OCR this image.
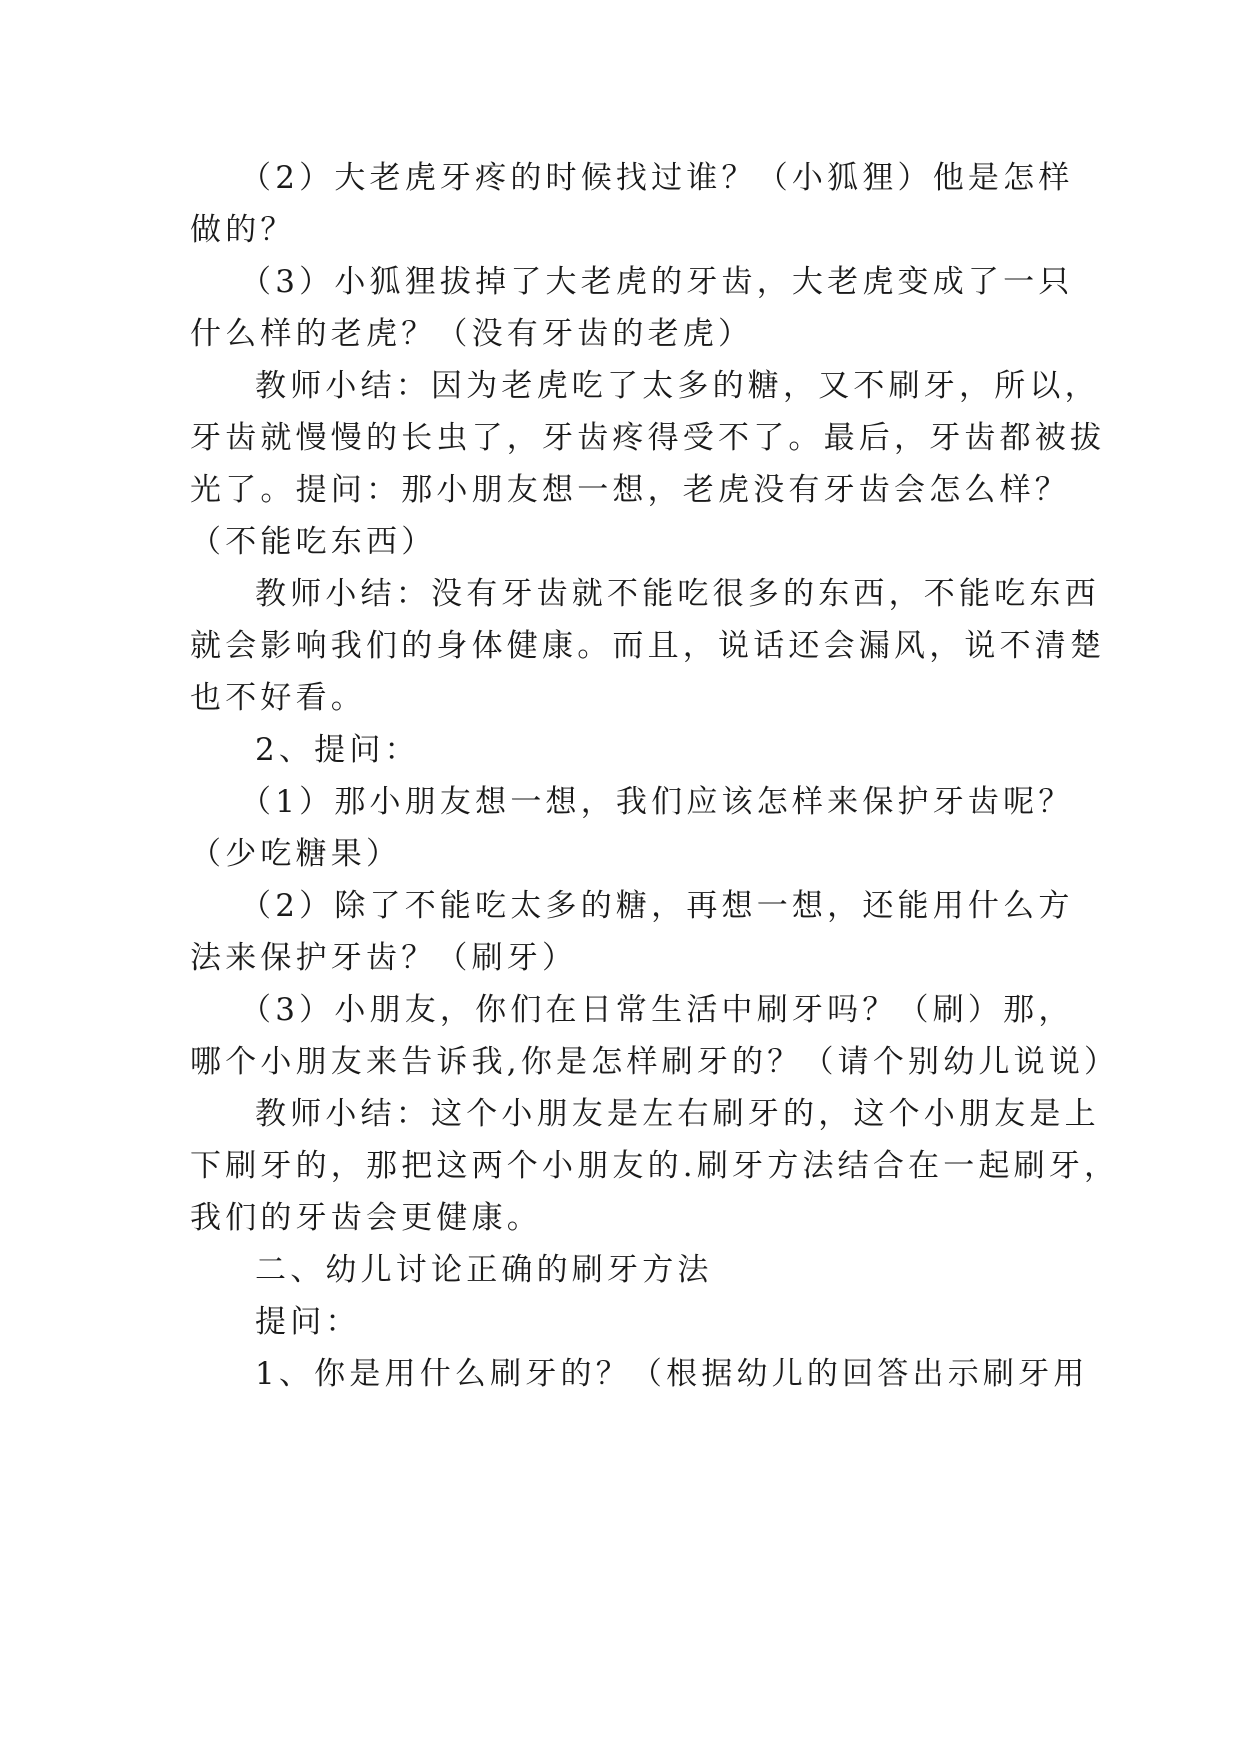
（2）大老虎牙疼的时候找过谁？（小狐狸）他是怎样
做的？
（3）小狐狸拔掉了大老虎的牙齿，大老虎变成了一只
什么样的老虎？（没有牙齿的老虎）
教师小结：因为老虎吃了太多的糖，又不刷牙，所以，
牙齿就慢慢的长虫了，牙齿疼得受不了。最后，牙齿都被拔
光了。提问：那小朋友想一想，老虎没有牙齿会怎么样？
（不能吃东西）
教师小结：没有牙齿就不能吃很多的东西，不能吃东西
就会影响我们的身体健康。而且，说话还会漏风，说不清楚
也不好看。
2、提问：
（1）那小朋友想一想，我们应该怎样来保护牙齿呢？
（少吃糖果）
（2）除了不能吃太多的糖，再想一想，还能用什么方
法来保护牙齿？（刷牙）
（3）小朋友，你们在日常生活中刷牙吗？（刷）那，
哪个小朋友来告诉我,你是怎样刷牙的？（请个别幼儿说说）
教师小结：这个小朋友是左右刷牙的，这个小朋友是上
下刷牙的，那把这两个小朋友的.刷牙方法结合在一起刷牙，
我们的牙齿会更健康。
二、幼儿讨论正确的刷牙方法
提问：
1、你是用什么刷牙的？（根据幼儿的回答出示刷牙用
